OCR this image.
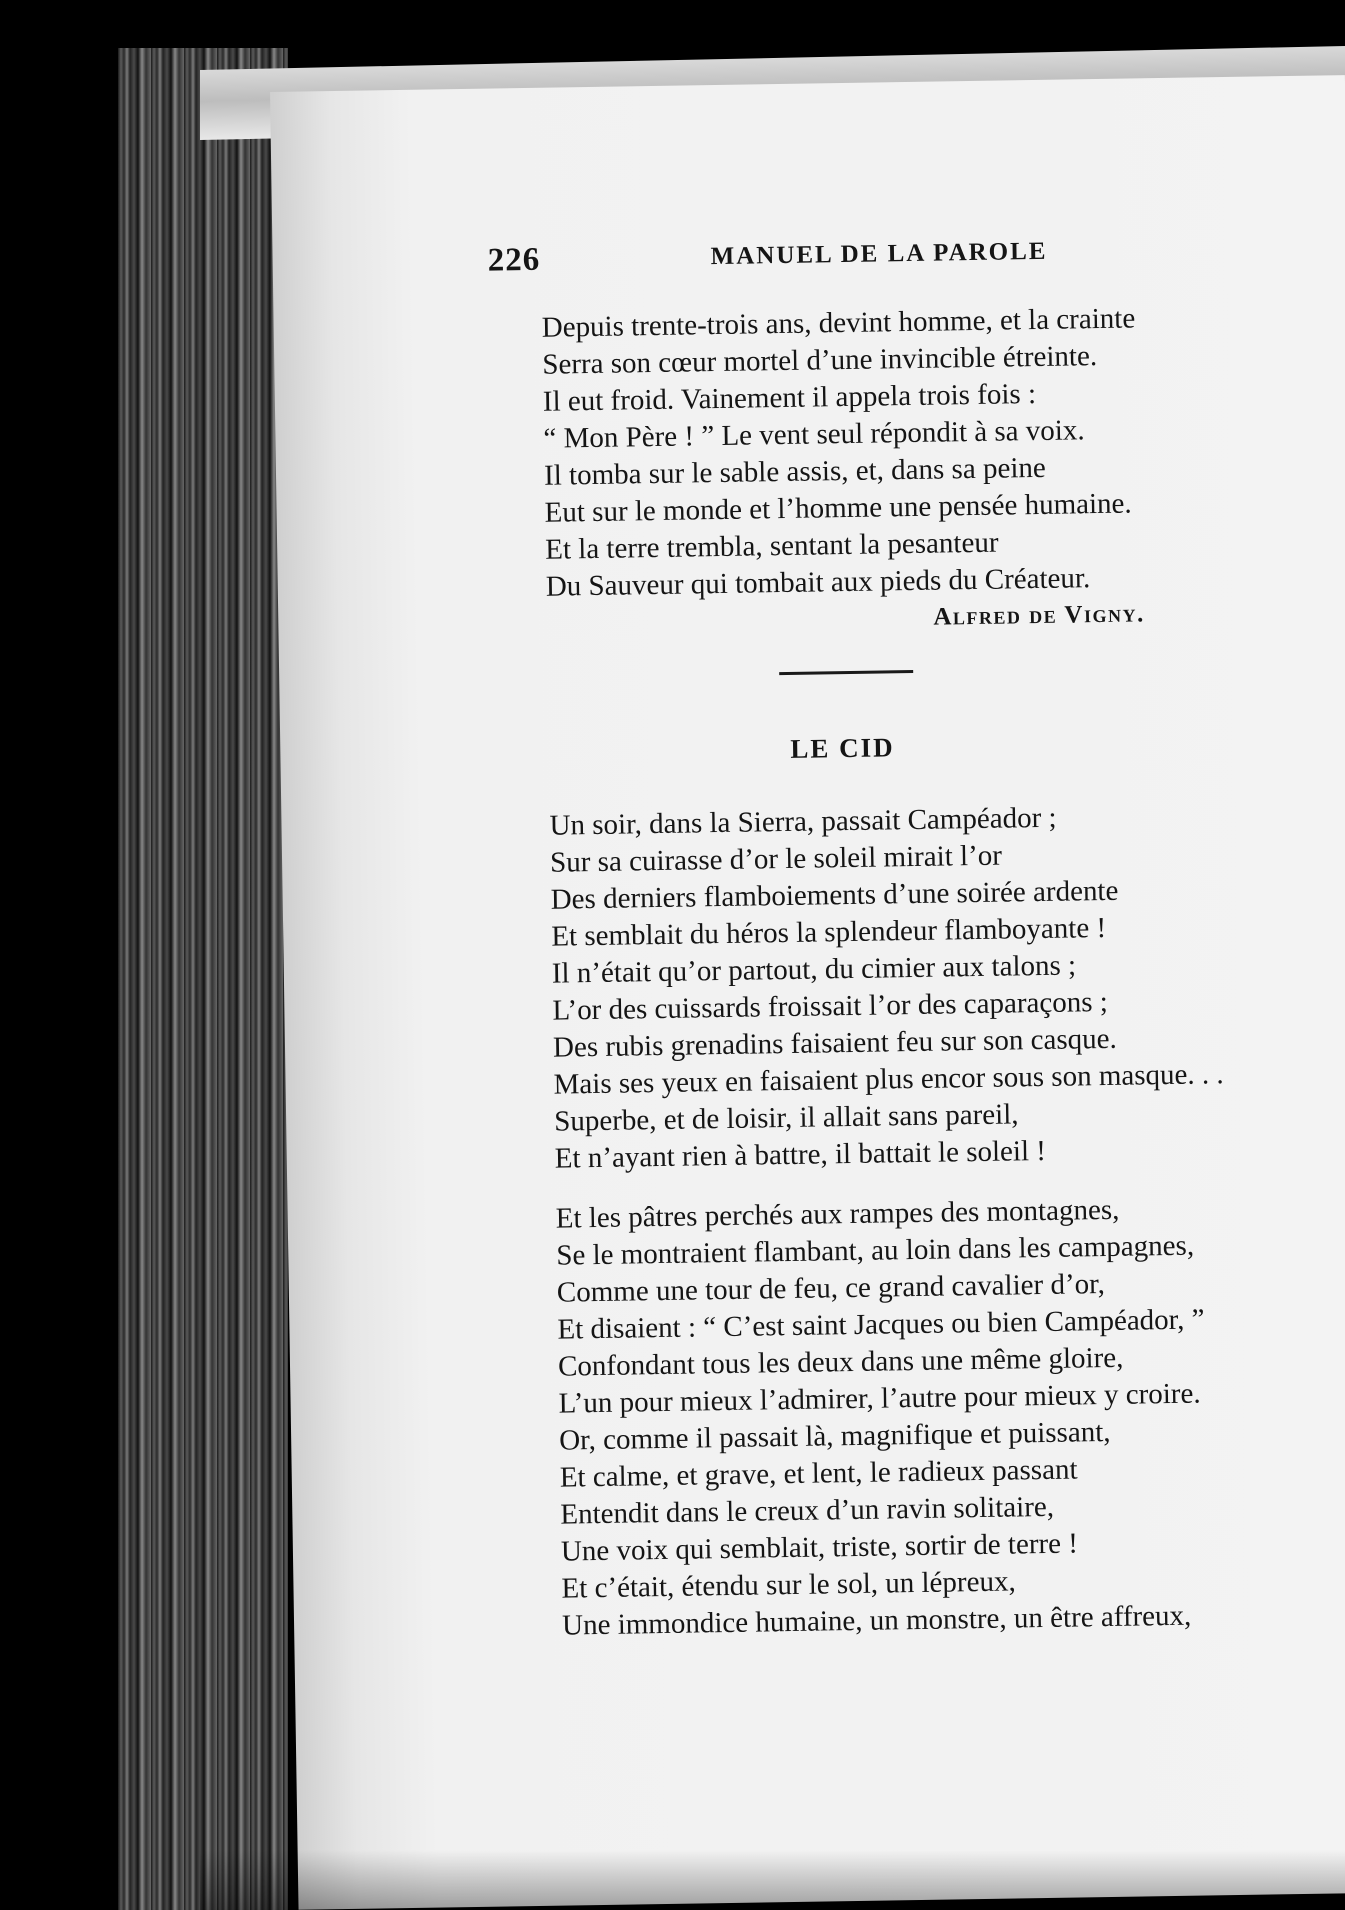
226	MANUEL DE LA PAROLE
Depuis trente-trois ans, devint homme, et la crainte
Serra son cœur mortel d’une invincible étreinte.
Il eut froid. Vainement il appela trois fois :
“ Mon Père ! ” Le vent seul répondit à sa voix.
Il tomba sur le sable assis, et, dans sa peine
Eut sur le monde et l’homme une pensée humaine.
Et la terre trembla, sentant la pesanteur
Du Sauveur qui tombait aux pieds du Créateur.
Alfred de Vigny.
LE CID
Un soir, dans la Sierra, passait Campéador ;
Sur sa cuirasse d’or le soleil mirait l’or
Des derniers flamboiements d’une soirée ardente
Et semblait du héros la splendeur flamboyante !
Il n’était qu’or partout, du cimier aux talons ;
L’or des cuissards froissait l’or des caparaçons ;
Des rubis grenadins faisaient feu sur son casque.
Mais ses yeux en faisaient plus encor sous son masque. . .
Superbe, et de loisir, il allait sans pareil,
Et n’ayant rien à battre, il battait le soleil !
Et les pâtres perchés aux rampes des montagnes,
Se le montraient flambant, au loin dans les campagnes,
Comme une tour de feu, ce grand cavalier d’or,
Et disaient : “ C’est saint Jacques ou bien Campéador, ”
Confondant tous les deux dans une même gloire,
L’un pour mieux l’admirer, l’autre pour mieux y croire.
Or, comme il passait là, magnifique et puissant,
Et calme, et grave, et lent, le radieux passant
Entendit dans le creux d’un ravin solitaire,
Une voix qui semblait, triste, sortir de terre !
Et c’était, étendu sur le sol, un lépreux,
Une immondice humaine, un monstre, un être affreux,
